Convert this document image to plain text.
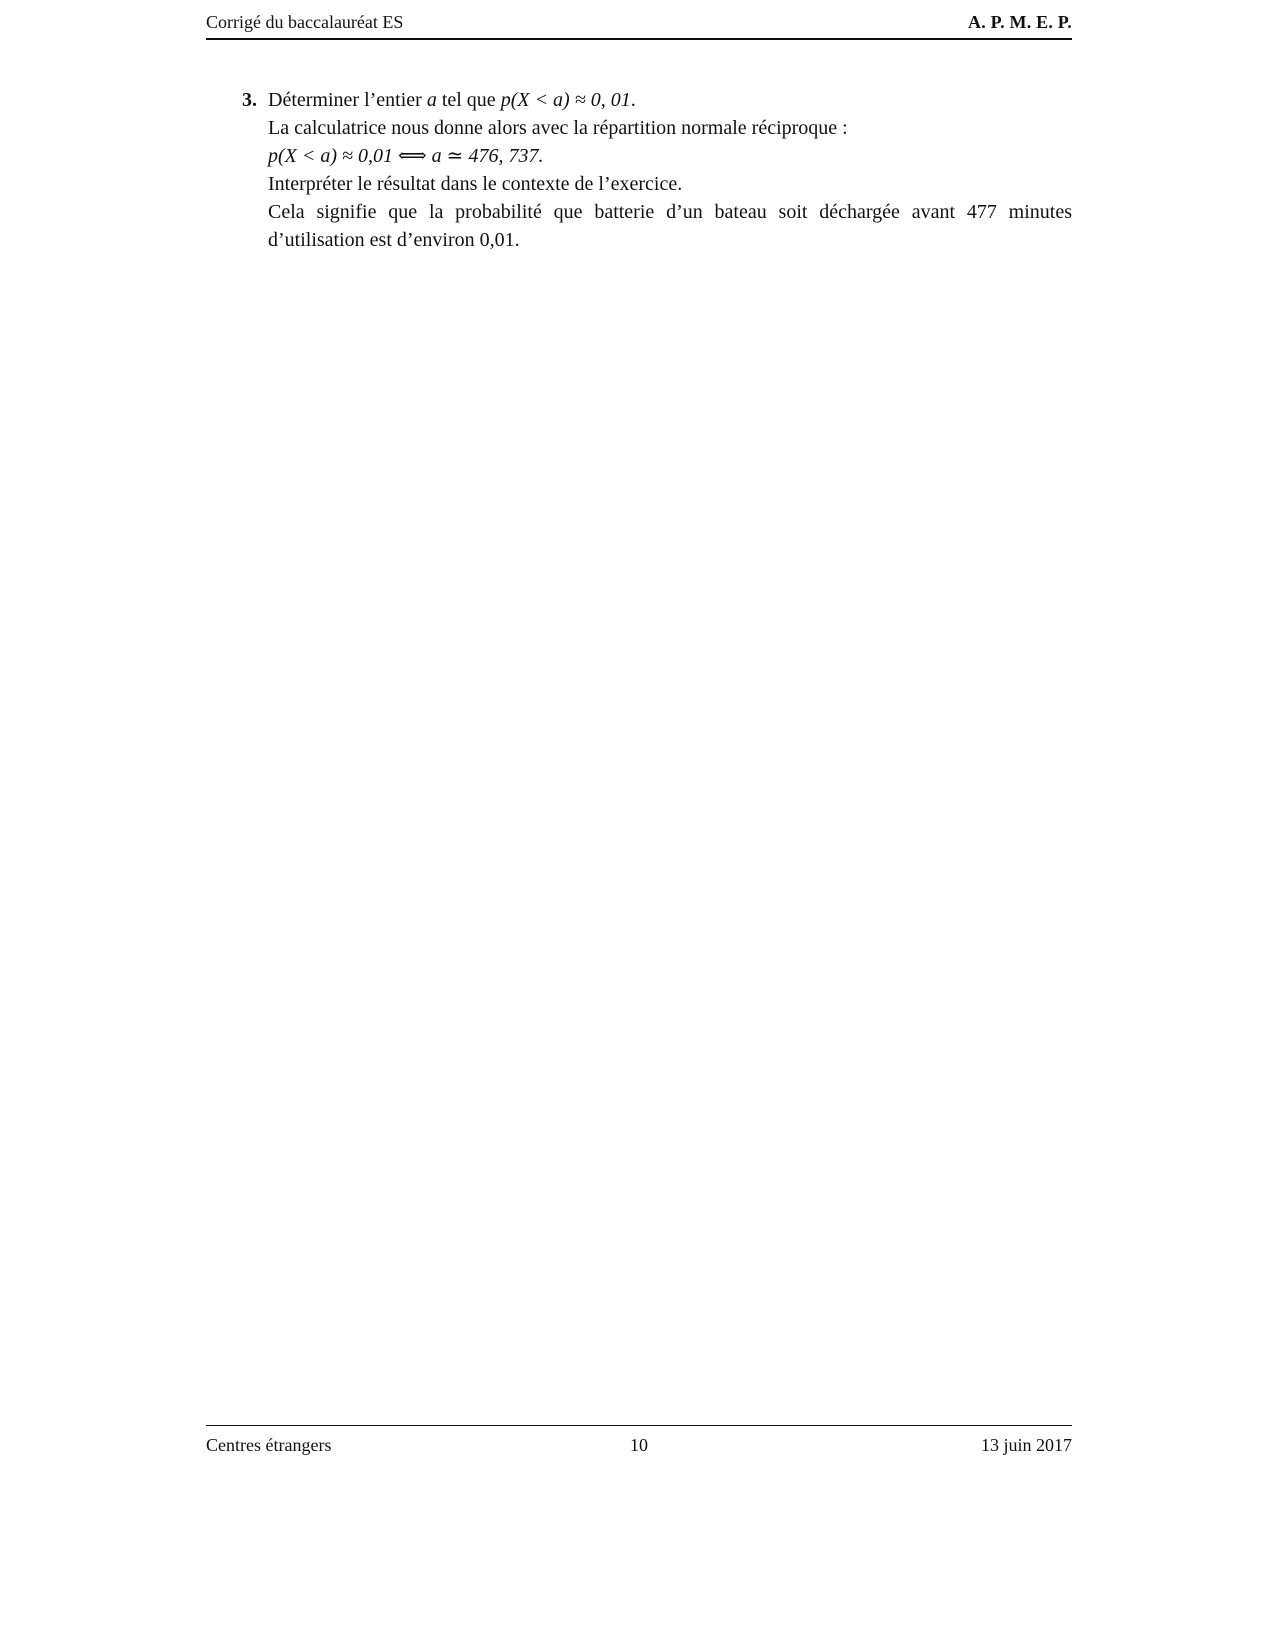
Corrigé du baccalauréat ES	A. P. M. E. P.
3. Déterminer l’entier a tel que p(X < a) ≈ 0, 01.
La calculatrice nous donne alors avec la répartition normale réciproque :
p(X < a) ≈ 0,01 ⟺ a ≃ 476, 737.
Interpréter le résultat dans le contexte de l’exercice.
Cela signifie que la probabilité que batterie d’un bateau soit déchargée avant 477 minutes d’utilisation est d’environ 0,01.
Centres étrangers	10	13 juin 2017
